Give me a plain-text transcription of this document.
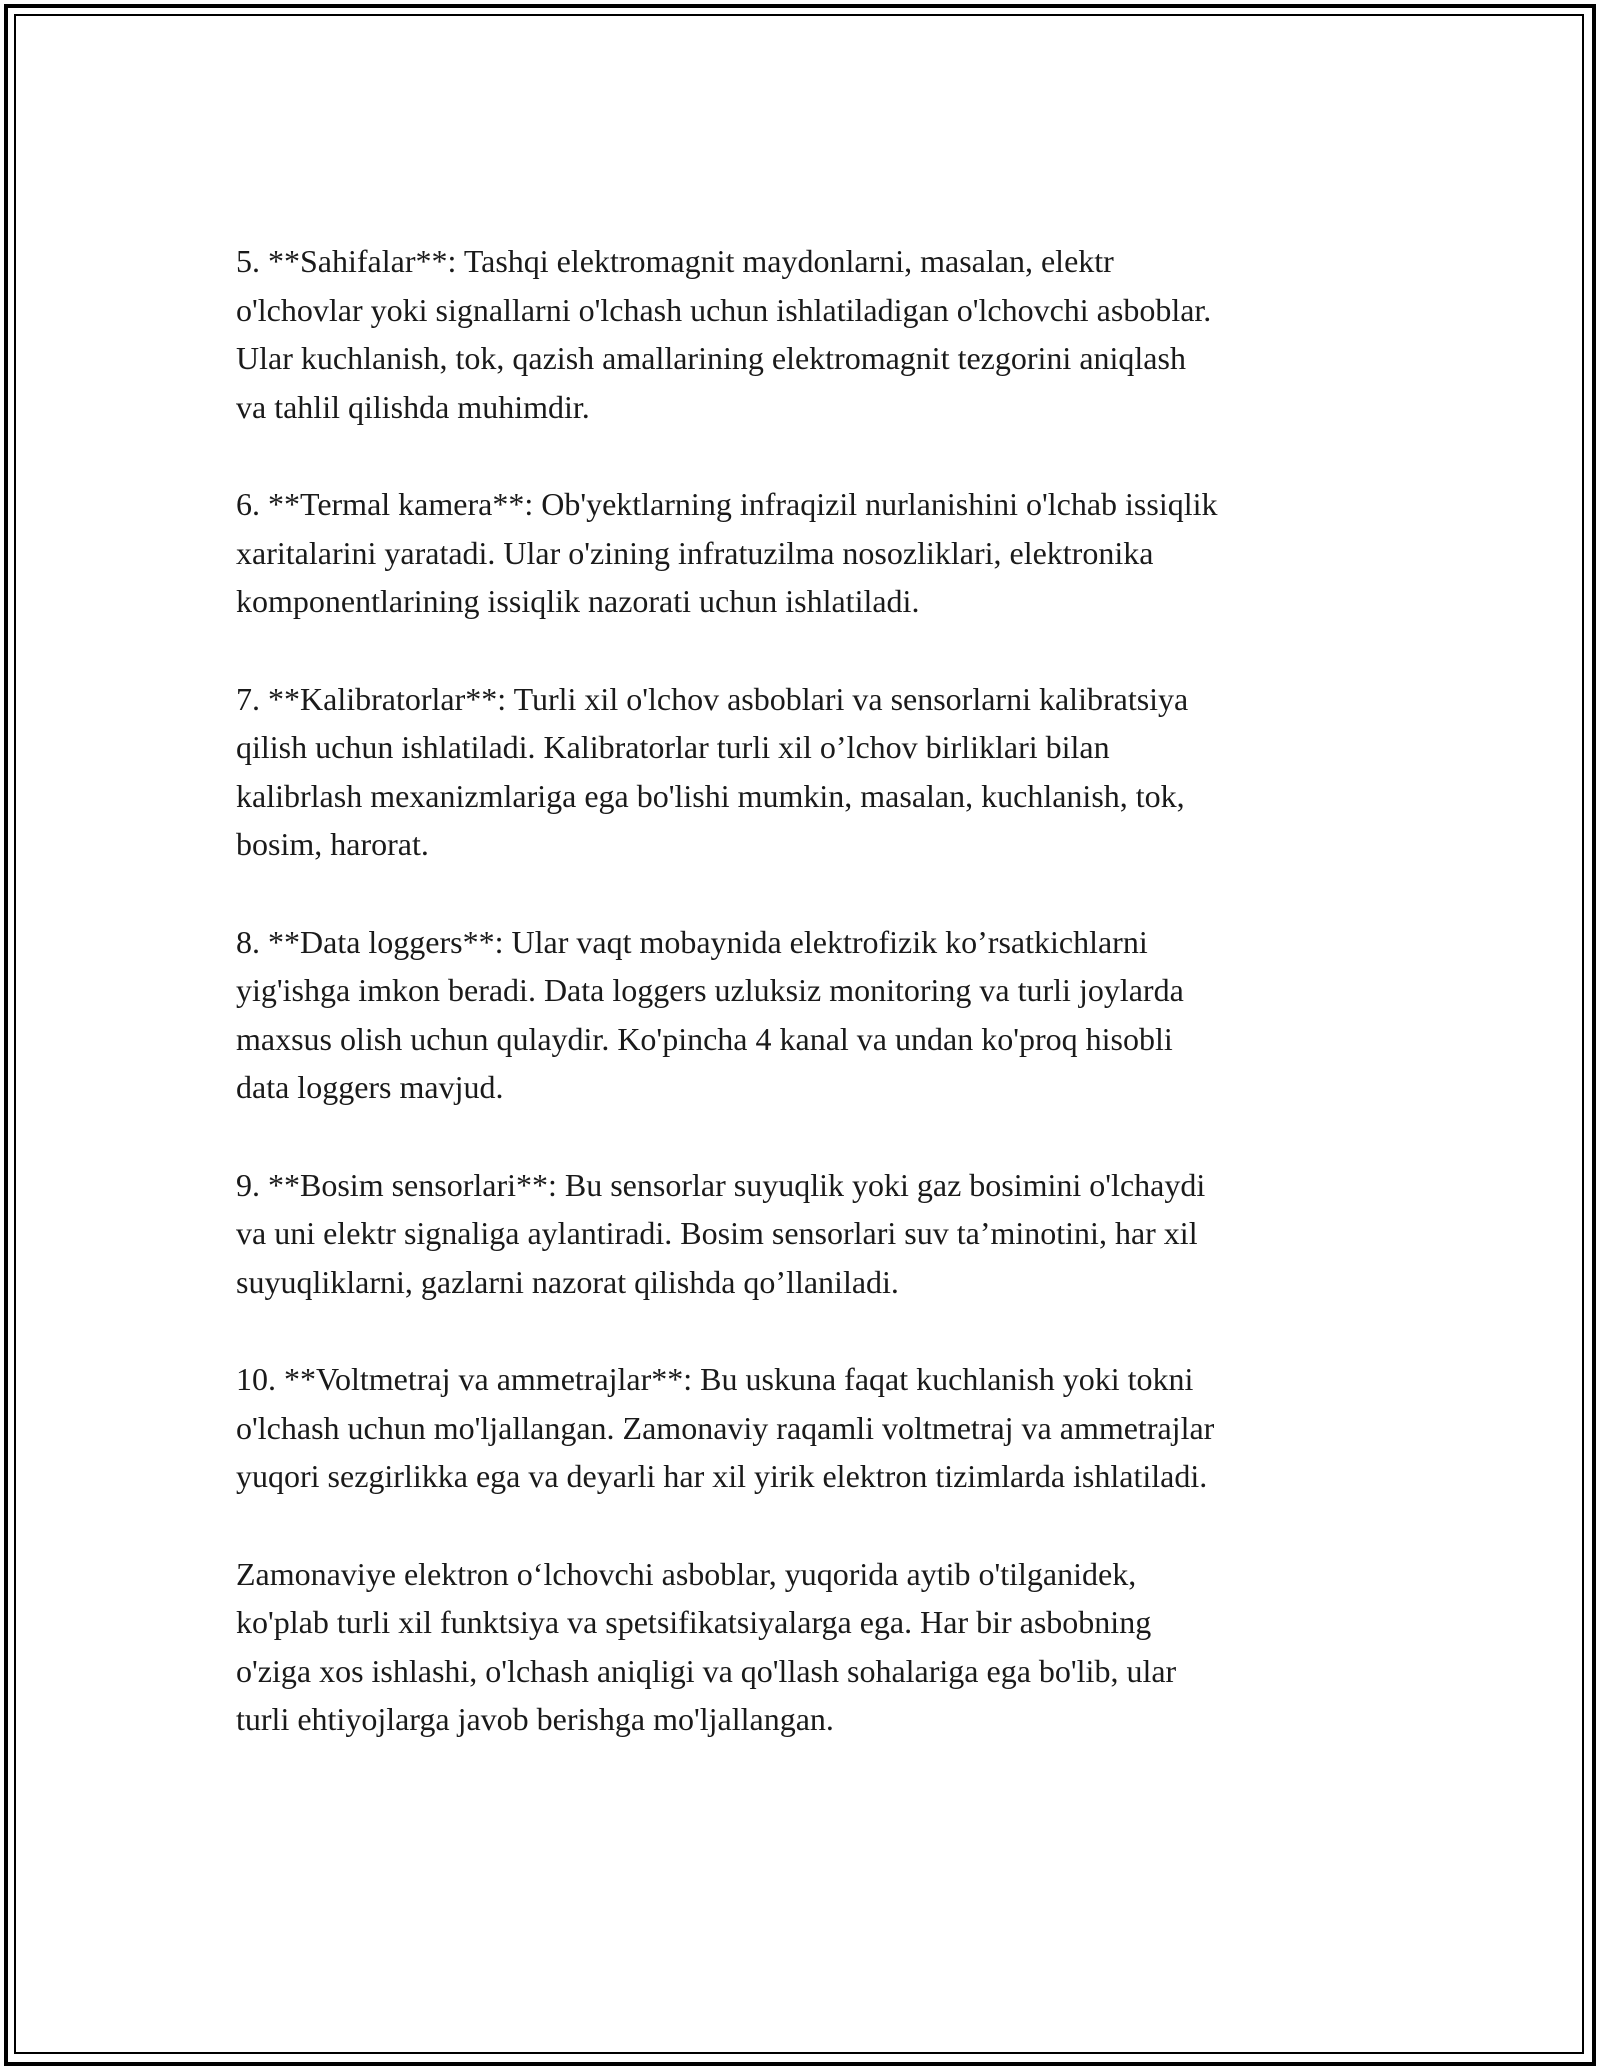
5. **Sahifalar**: Tashqi elektromagnit maydonlarni, masalan, elektr
o'lchovlar yoki signallarni o'lchash uchun ishlatiladigan o'lchovchi asboblar.
Ular kuchlanish, tok, qazish amallarining elektromagnit tezgorini aniqlash
va tahlil qilishda muhimdir.

6. **Termal kamera**: Ob'yektlarning infraqizil nurlanishini o'lchab issiqlik
xaritalarini yaratadi. Ular o'zining infratuzilma nosozliklari, elektronika
komponentlarining issiqlik nazorati uchun ishlatiladi.

7. **Kalibratorlar**: Turli xil o'lchov asboblari va sensorlarni kalibratsiya
qilish uchun ishlatiladi. Kalibratorlar turli xil o’lchov birliklari bilan
kalibrlash mexanizmlariga ega bo'lishi mumkin, masalan, kuchlanish, tok,
bosim, harorat.

8. **Data loggers**: Ular vaqt mobaynida elektrofizik ko’rsatkichlarni
yig'ishga imkon beradi. Data loggers uzluksiz monitoring va turli joylarda
maxsus olish uchun qulaydir. Ko'pincha 4 kanal va undan ko'proq hisobli
data loggers mavjud.

9. **Bosim sensorlari**: Bu sensorlar suyuqlik yoki gaz bosimini o'lchaydi
va uni elektr signaliga aylantiradi. Bosim sensorlari suv ta’minotini, har xil
suyuqliklarni, gazlarni nazorat qilishda qo’llaniladi.

10. **Voltmetraj va ammetrajlar**: Bu uskuna faqat kuchlanish yoki tokni
o'lchash uchun mo'ljallangan. Zamonaviy raqamli voltmetraj va ammetrajlar
yuqori sezgirlikka ega va deyarli har xil yirik elektron tizimlarda ishlatiladi.

Zamonaviye elektron o‘lchovchi asboblar, yuqorida aytib o'tilganidek,
ko'plab turli xil funktsiya va spetsifikatsiyalarga ega. Har bir asbobning
o'ziga xos ishlashi, o'lchash aniqligi va qo'llash sohalariga ega bo'lib, ular
turli ehtiyojlarga javob berishga mo'ljallangan.
